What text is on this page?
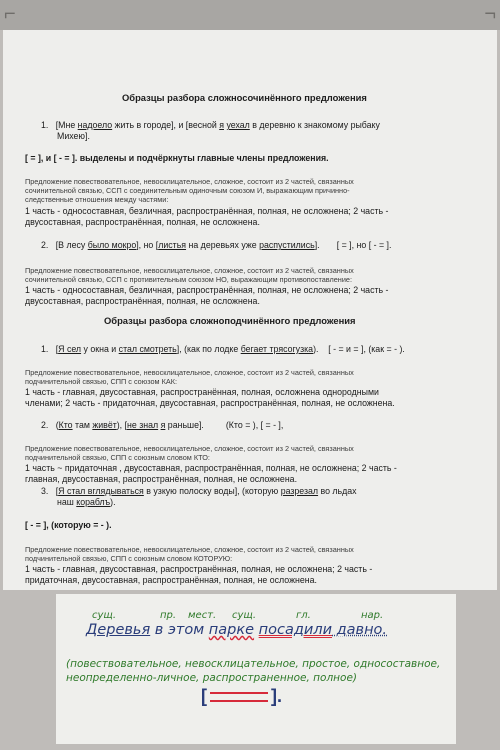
⌐	¬
Образцы разбора сложносочинённого предложения
1. [Мне надоело жить в городе], и [весной я уехал в деревню к знакомому рыбаку
Михею].
[ = ], и [ - = ]. выделены и подчёркнуты главные члены предложения.
Предложение повествовательное, невосклицательное, сложное, состоит из 2 частей, связанных
сочинительной связью, ССП с соединительным одиночным союзом И, выражающим причинно-
следственные отношения между частями:
1 часть - односоставная, безличная, распространённая, полная, не осложнена; 2 часть -
двусоставная, распространённая, полная, не осложнена.
2. [В лесу было мокро], но [листья на деревьях уже распустились]. [ = ], но [ - = ].
Предложение повествовательное, невосклицательное, сложное, состоит из 2 частей, связанных
сочинительной связью, ССП с противительным союзом НО, выражающим противопоставление:
1 часть - односоставная, безличная, распространённая, полная, не осложнена; 2 часть -
двусоставная, распространённая, полная, не осложнена.
Образцы разбора сложноподчинённого предложения
1. [Я сел у окна и стал смотреть], (как по лодке бегает трясогузка). [ - = и = ], (как = - ).
Предложение повествовательное, невосклицательное, сложное, состоит из 2 частей, связанных
подчинительной связью, СПП с союзом КАК:
1 часть - главная, двусоставная, распространённая, полная, осложнена однородными
членами; 2 часть - придаточная, двусоставная, распространённая, полная, не осложнена.
2. (Кто там живёт), [не знал я раньше].	(Кто = ), [ = - ],
Предложение повествовательное, невосклицательное, сложное, состоит из 2 частей, связанных
подчинительной связью, СПП с союзным словом КТО:
1 часть ~ придаточная , двусоставная, распространённая, полная, не осложнена; 2 часть -
главная, двусоставная, распространённая, полная, не осложнена.
3. [Я стал вглядываться в узкую полоску воды], (которую разрезал во льдах
наш кораблъ).
[ - = ], (которую = - ).
Предложение повествовательное, невосклицательное, сложное, состоит из 2 частей, связанных
подчинительной связью, СПП с союзным словом КОТОРУЮ:
1 часть - главная, двусоставная, распространённая, полная, не осложнена; 2 часть -
придаточная, двусоставная, распространённая, полная, не осложнена.
сущ.	пр. мест. сущ.	гл.	нар.
Деревья в этом парке посадили давно.
(повествовательное, невосклицательное, простое, односоставное,
неопределенно-личное, распространенное, полное)
[	].
